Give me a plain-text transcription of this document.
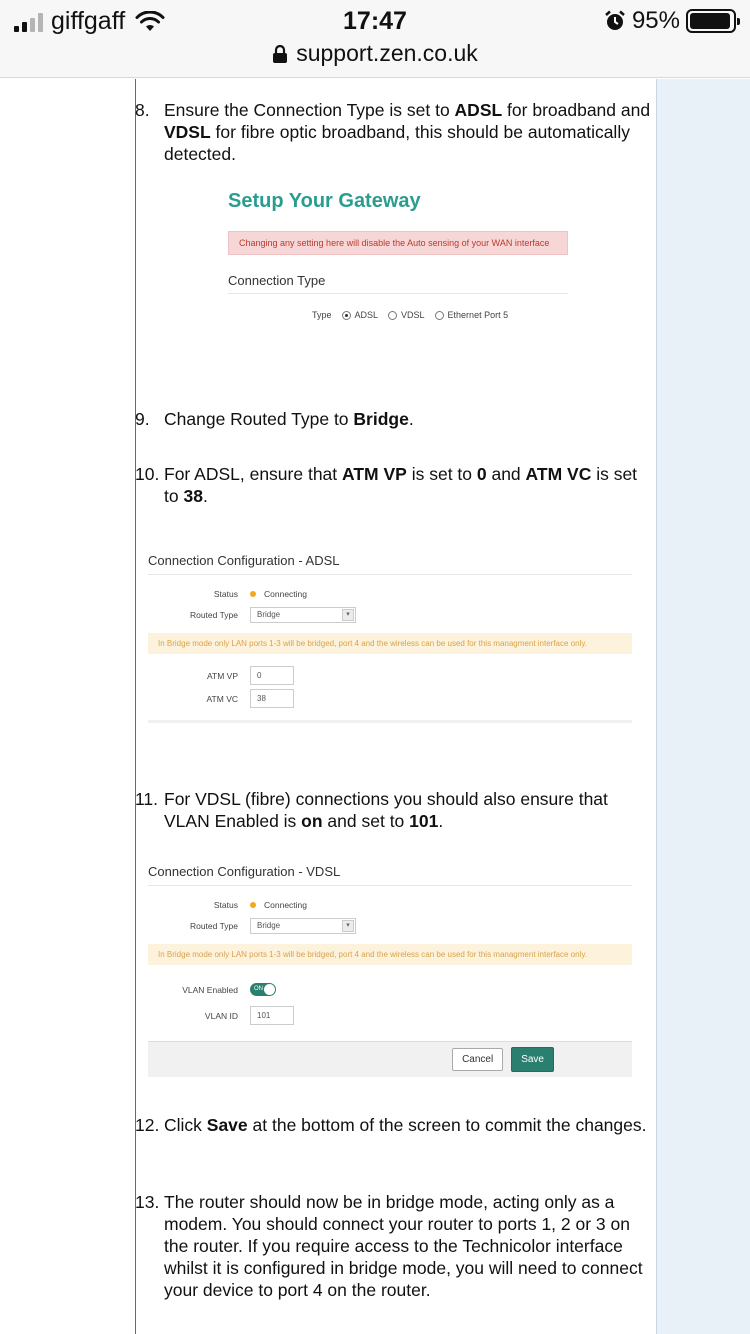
giffgaff	17:47	95%
support.zen.co.uk
8. Ensure the Connection Type is set to ADSL for broadband and VDSL for fibre optic broadband, this should be automatically detected.
Setup Your Gateway
Changing any setting here will disable the Auto sensing of your WAN interface
Connection Type
Type	ADSL	VDSL	Ethernet Port 5
9. Change Routed Type to Bridge.
10. For ADSL, ensure that ATM VP is set to 0 and ATM VC is set to 38.
Connection Configuration - ADSL
Status	Connecting
Routed Type	Bridge	▾
In Bridge mode only LAN ports 1-3 will be bridged, port 4 and the wireless can be used for this managment interface only.
ATM VP	0
ATM VC	38
11. For VDSL (fibre) connections you should also ensure that VLAN Enabled is on and set to 101.
Connection Configuration - VDSL
Status	Connecting
Routed Type	Bridge	▾
In Bridge mode only LAN ports 1-3 will be bridged, port 4 and the wireless can be used for this managment interface only.
VLAN Enabled	ON
VLAN ID	101
Cancel	Save
12. Click Save at the bottom of the screen to commit the changes.
13. The router should now be in bridge mode, acting only as a modem. You should connect your router to ports 1, 2 or 3 on the router. If you require access to the Technicolor interface whilst it is configured in bridge mode, you will need to connect your device to port 4 on the router.
